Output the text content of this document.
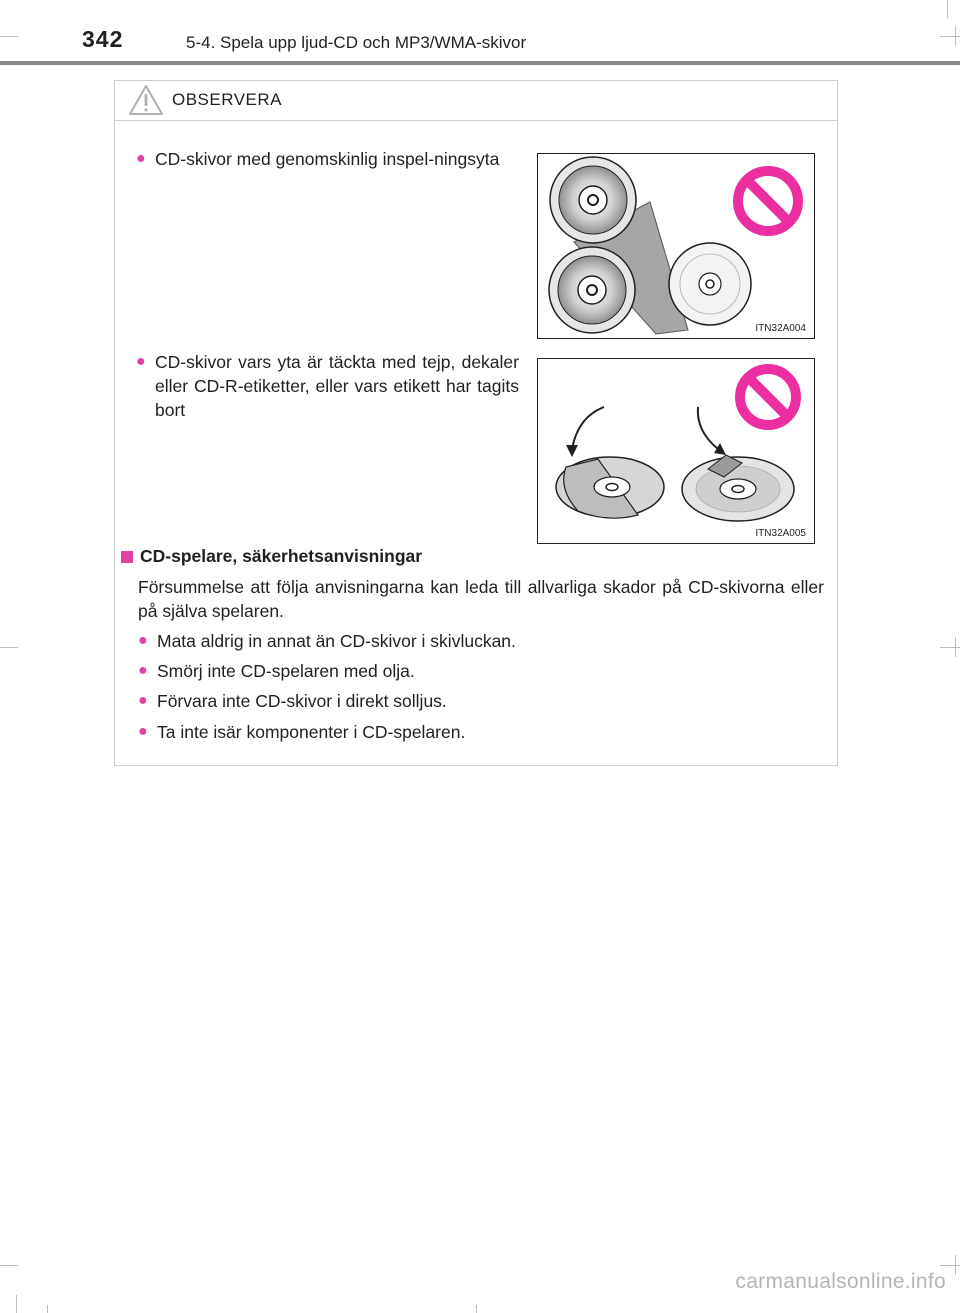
342	5-4. Spela upp ljud-CD och MP3/WMA-skivor
OBSERVERA
● CD-skivor med genomskinlig inspel-ningsyta
ITN32A004
● CD-skivor vars yta är täckta med tejp, dekaler eller CD-R-etiketter, eller vars etikett har tagits bort
ITN32A005
CD-spelare, säkerhetsanvisningar
Försummelse att följa anvisningarna kan leda till allvarliga skador på CD-skivorna eller på själva spelaren.
● Mata aldrig in annat än CD-skivor i skivluckan.
● Smörj inte CD-spelaren med olja.
● Förvara inte CD-skivor i direkt solljus.
● Ta inte isär komponenter i CD-spelaren.
carmanualsonline.info
